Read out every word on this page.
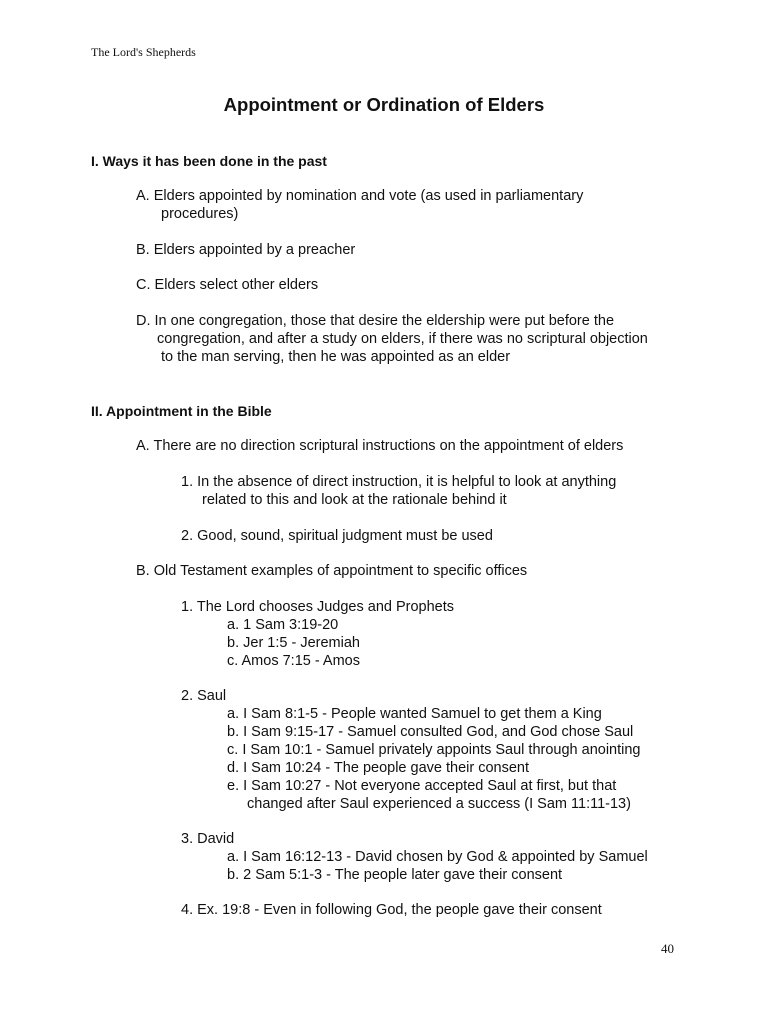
The Lord's Shepherds
Appointment or Ordination of Elders
I. Ways it has been done in the past
A. Elders appointed by nomination and vote (as used in parliamentary
procedures)
B. Elders appointed by a preacher
C. Elders select other elders
D. In one congregation, those that desire the eldership were put before the
congregation, and after a study on elders, if there was no scriptural objection
to the man serving, then he was appointed as an elder
II. Appointment in the Bible
A. There are no direction scriptural instructions on the appointment of elders
1. In the absence of direct instruction, it is helpful to look at anything
related to this and look at the rationale behind it
2. Good, sound, spiritual judgment must be used
B. Old Testament examples of appointment to specific offices
1. The Lord chooses Judges and Prophets
a. 1 Sam 3:19-20
b. Jer 1:5 - Jeremiah
c. Amos 7:15 - Amos
2. Saul
a. I Sam 8:1-5 - People wanted Samuel to get them a King
b. I Sam 9:15-17 - Samuel consulted God, and God chose Saul
c. I Sam 10:1 - Samuel privately appoints Saul through anointing
d. I Sam 10:24 - The people gave their consent
e. I Sam 10:27 - Not everyone accepted Saul at first, but that
changed after Saul experienced a success (I Sam 11:11-13)
3. David
a. I Sam 16:12-13 - David chosen by God & appointed by Samuel
b. 2 Sam 5:1-3 - The people later gave their consent
4. Ex. 19:8 - Even in following God, the people gave their consent
40
